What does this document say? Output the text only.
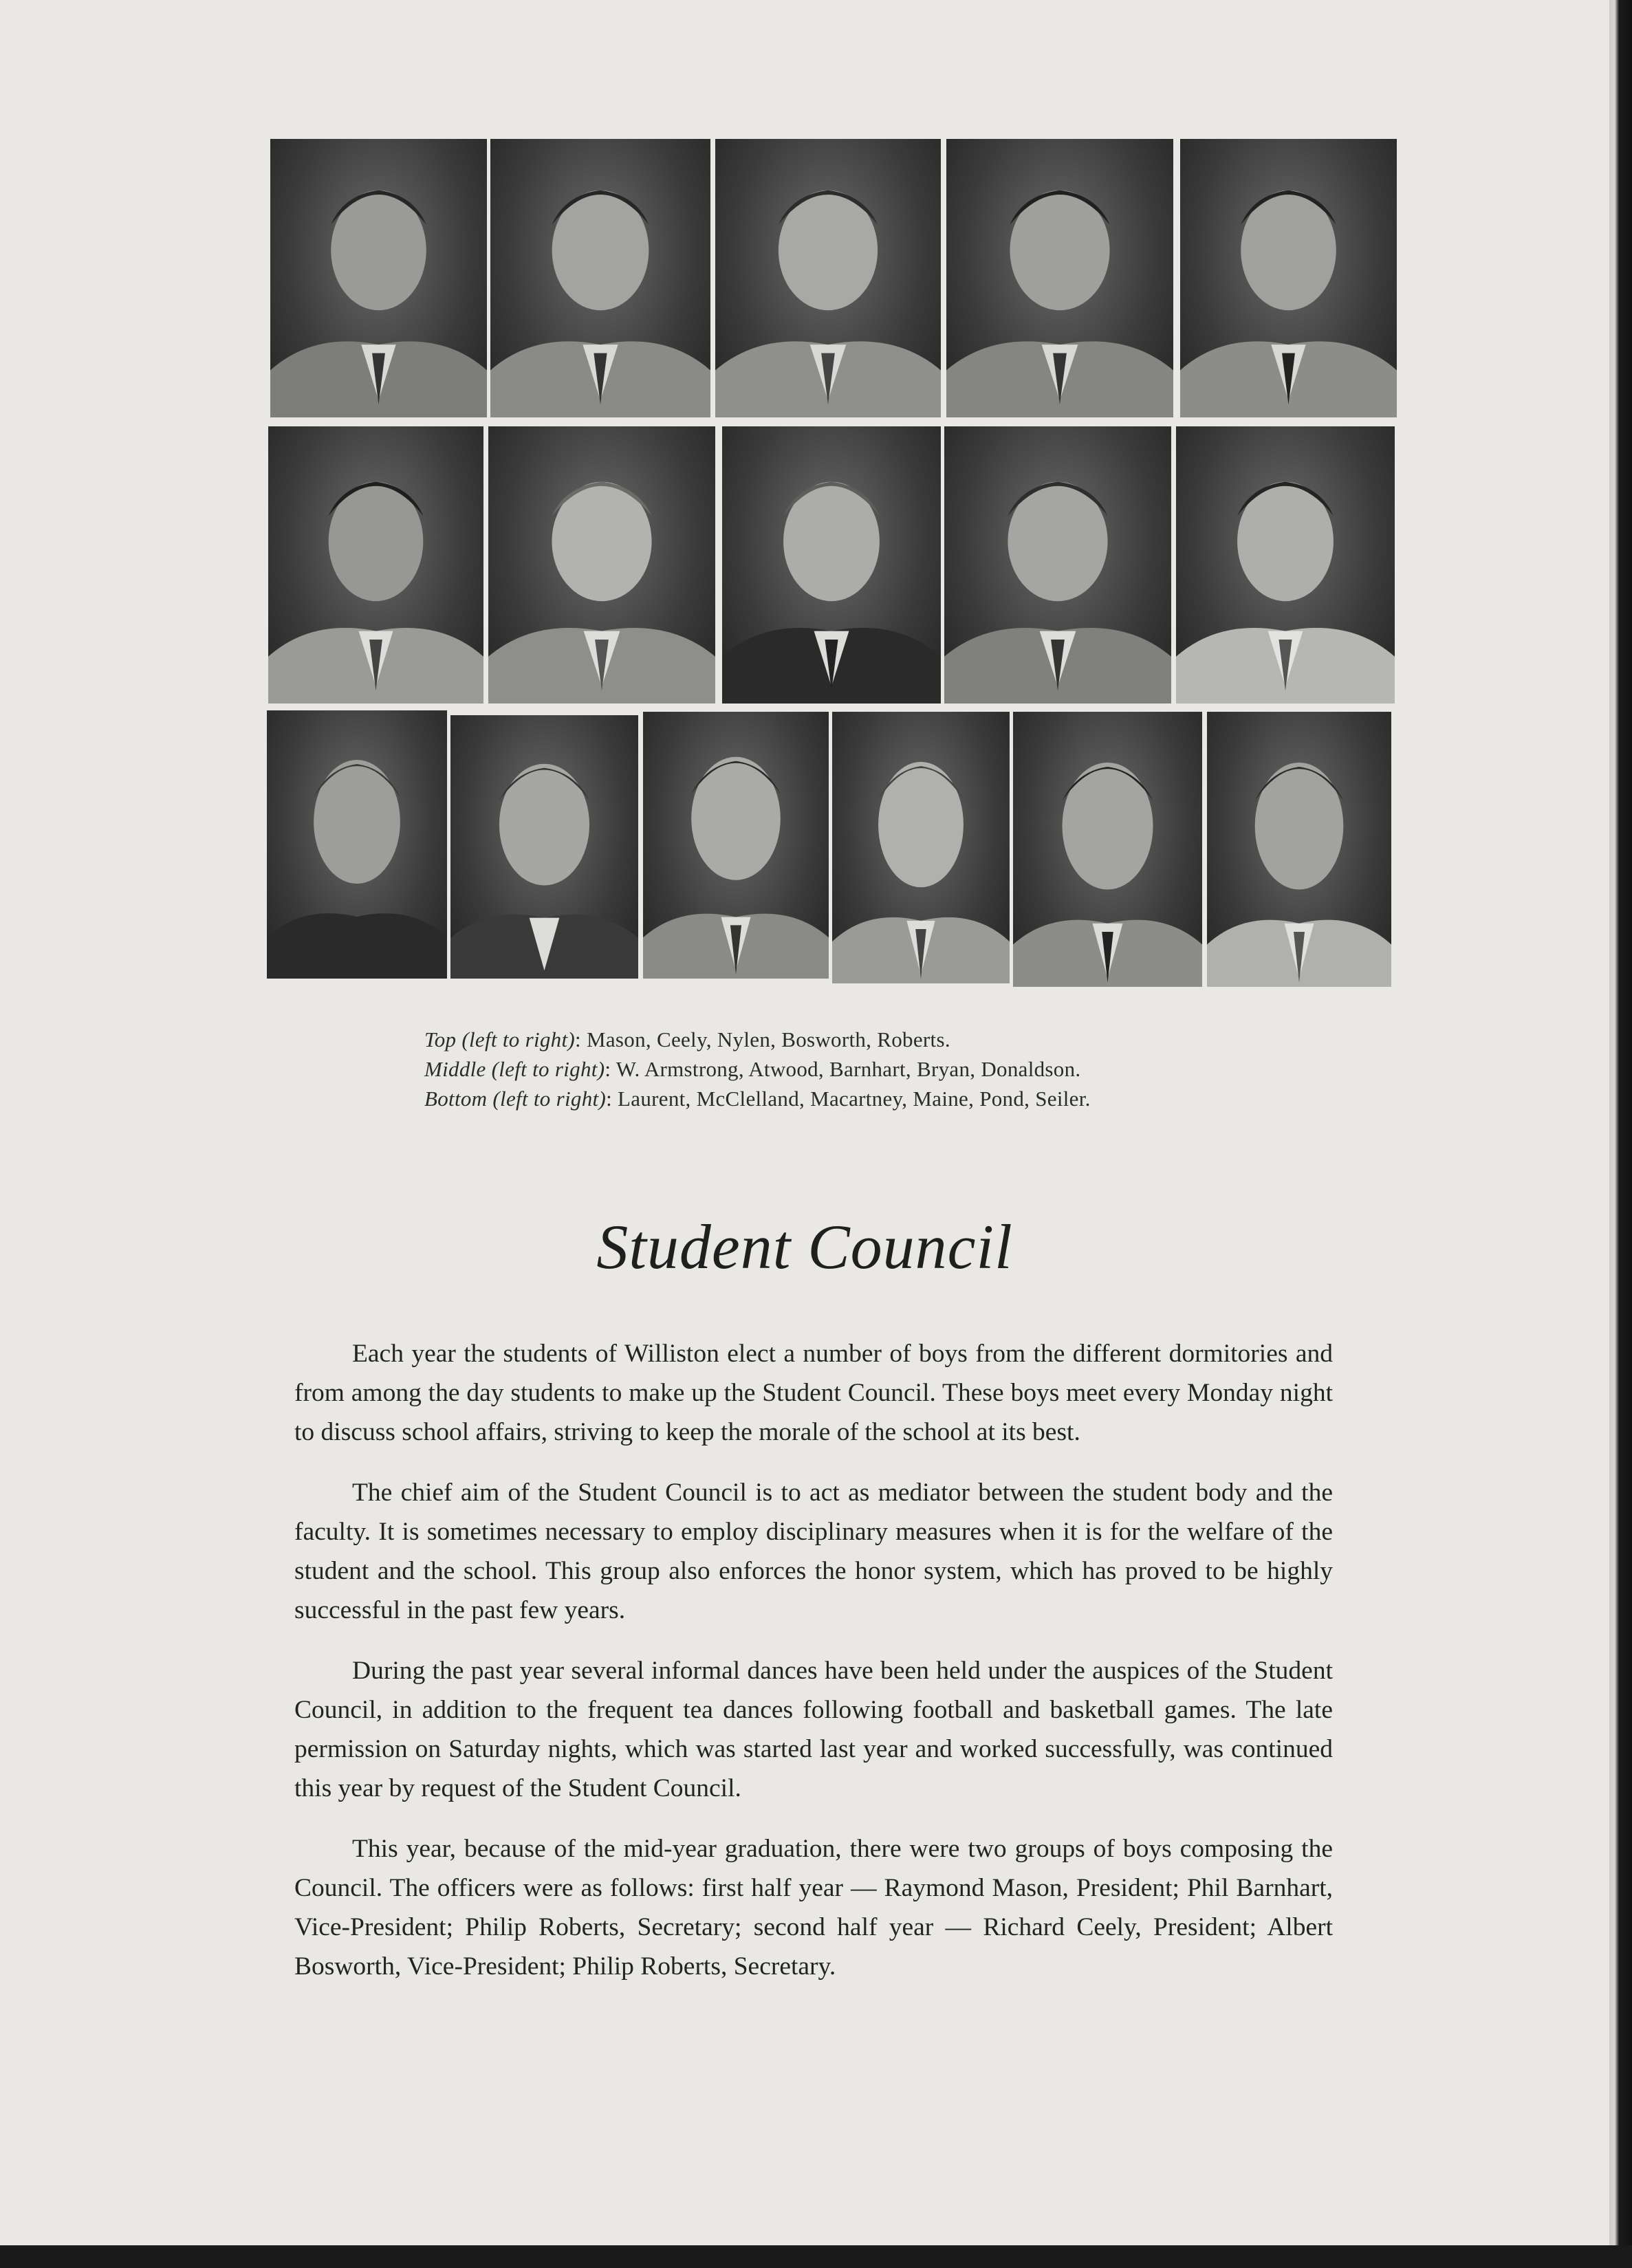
Top (left to right): Mason, Ceely, Nylen, Bosworth, Roberts.
Middle (left to right): W. Armstrong, Atwood, Barnhart, Bryan, Donaldson.
Bottom (left to right): Laurent, McClelland, Macartney, Maine, Pond, Seiler.
Student Council

Each year the students of Williston elect a number of boys from the different dormitories and from among the day students to make up the Student Council. These boys meet every Monday night to discuss school affairs, striving to keep the morale of the school at its best.

The chief aim of the Student Council is to act as mediator between the student body and the faculty. It is sometimes necessary to employ disciplinary measures when it is for the welfare of the student and the school. This group also enforces the honor system, which has proved to be highly successful in the past few years.

During the past year several informal dances have been held under the auspices of the Student Council, in addition to the frequent tea dances following football and basketball games. The late permission on Saturday nights, which was started last year and worked successfully, was continued this year by request of the Student Council.

This year, because of the mid-year graduation, there were two groups of boys composing the Council. The officers were as follows: first half year — Raymond Mason, President; Phil Barnhart, Vice-President; Philip Roberts, Secretary; second half year — Richard Ceely, President; Albert Bosworth, Vice-President; Philip Roberts, Secretary.
